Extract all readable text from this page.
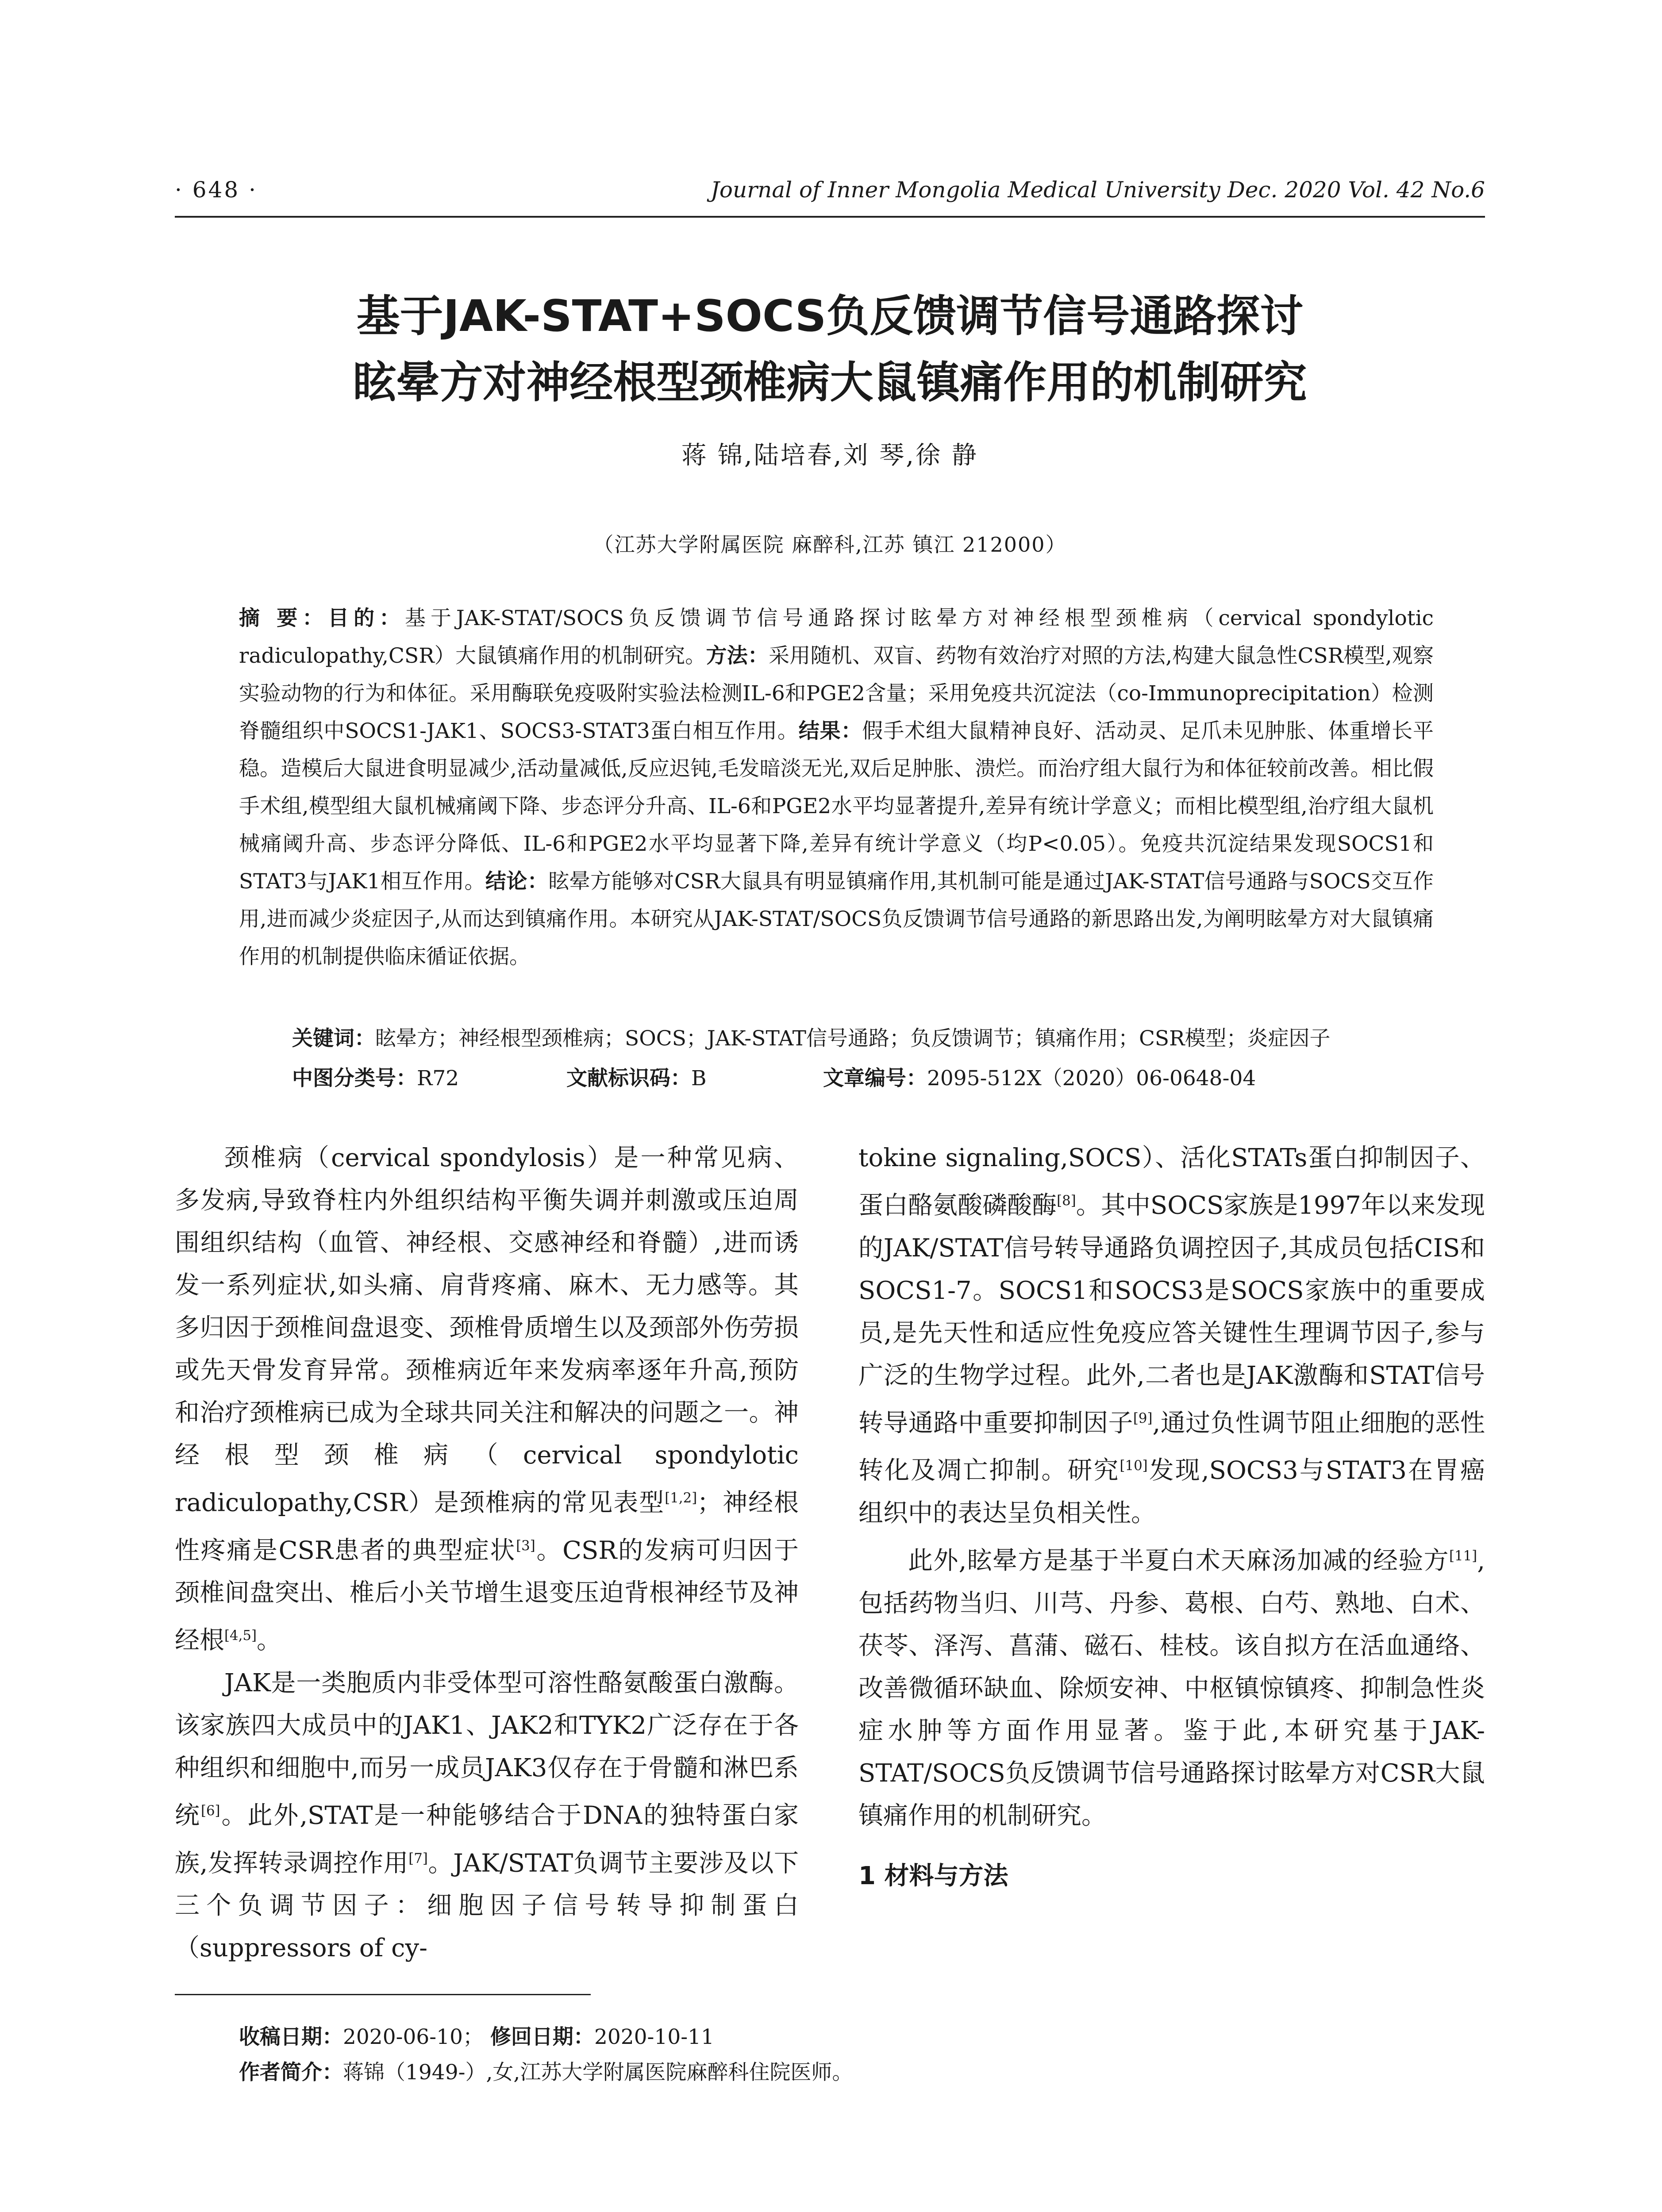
· 648 ·	Journal of Inner Mongolia Medical University Dec. 2020 Vol. 42 No.6
基于JAK-STAT+SOCS负反馈调节信号通路探讨
眩晕方对神经根型颈椎病大鼠镇痛作用的机制研究
蒋 锦,陆培春,刘 琴,徐 静
（江苏大学附属医院 麻醉科,江苏 镇江 212000）
摘 要：目的：基于JAK-STAT/SOCS负反馈调节信号通路探讨眩晕方对神经根型颈椎病（cervical spondylotic radiculopathy,CSR）大鼠镇痛作用的机制研究。方法：采用随机、双盲、药物有效治疗对照的方法,构建大鼠急性CSR模型,观察实验动物的行为和体征。采用酶联免疫吸附实验法检测IL-6和PGE2含量；采用免疫共沉淀法（co-Immunoprecipitation）检测脊髓组织中SOCS1-JAK1、SOCS3-STAT3蛋白相互作用。结果：假手术组大鼠精神良好、活动灵、足爪未见肿胀、体重增长平稳。造模后大鼠进食明显减少,活动量减低,反应迟钝,毛发暗淡无光,双后足肿胀、溃烂。而治疗组大鼠行为和体征较前改善。相比假手术组,模型组大鼠机械痛阈下降、步态评分升高、IL-6和PGE2水平均显著提升,差异有统计学意义；而相比模型组,治疗组大鼠机械痛阈升高、步态评分降低、IL-6和PGE2水平均显著下降,差异有统计学意义（均P<0.05）。免疫共沉淀结果发现SOCS1和STAT3与JAK1相互作用。结论：眩晕方能够对CSR大鼠具有明显镇痛作用,其机制可能是通过JAK-STAT信号通路与SOCS交互作用,进而减少炎症因子,从而达到镇痛作用。本研究从JAK-STAT/SOCS负反馈调节信号通路的新思路出发,为阐明眩晕方对大鼠镇痛作用的机制提供临床循证依据。
关键词：眩晕方；神经根型颈椎病；SOCS；JAK-STAT信号通路；负反馈调节；镇痛作用；CSR模型；炎症因子
中图分类号：R72	文献标识码：B	文章编号：2095-512X（2020）06-0648-04

颈椎病（cervical spondylosis）是一种常见病、多发病,导致脊柱内外组织结构平衡失调并刺激或压迫周围组织结构（血管、神经根、交感神经和脊髓）,进而诱发一系列症状,如头痛、肩背疼痛、麻木、无力感等。其多归因于颈椎间盘退变、颈椎骨质增生以及颈部外伤劳损或先天骨发育异常。颈椎病近年来发病率逐年升高,预防和治疗颈椎病已成为全球共同关注和解决的问题之一。神经根型颈椎病（cervical spondylotic radiculopathy,CSR）是颈椎病的常见表型[1,2]；神经根性疼痛是CSR患者的典型症状[3]。CSR的发病可归因于颈椎间盘突出、椎后小关节增生退变压迫背根神经节及神经根[4,5]。

JAK是一类胞质内非受体型可溶性酪氨酸蛋白激酶。该家族四大成员中的JAK1、JAK2和TYK2广泛存在于各种组织和细胞中,而另一成员JAK3仅存在于骨髓和淋巴系统[6]。此外,STAT是一种能够结合于DNA的独特蛋白家族,发挥转录调控作用[7]。JAK/STAT负调节主要涉及以下三个负调节因子：细胞因子信号转导抑制蛋白（suppressors of cy-

tokine signaling,SOCS）、活化STATs蛋白抑制因子、蛋白酪氨酸磷酸酶[8]。其中SOCS家族是1997年以来发现的JAK/STAT信号转导通路负调控因子,其成员包括CIS和SOCS1-7。SOCS1和SOCS3是SOCS家族中的重要成员,是先天性和适应性免疫应答关键性生理调节因子,参与广泛的生物学过程。此外,二者也是JAK激酶和STAT信号转导通路中重要抑制因子[9],通过负性调节阻止细胞的恶性转化及凋亡抑制。研究[10]发现,SOCS3与STAT3在胃癌组织中的表达呈负相关性。

此外,眩晕方是基于半夏白术天麻汤加减的经验方[11],包括药物当归、川芎、丹参、葛根、白芍、熟地、白术、茯苓、泽泻、菖蒲、磁石、桂枝。该自拟方在活血通络、改善微循环缺血、除烦安神、中枢镇惊镇疼、抑制急性炎症水肿等方面作用显著。鉴于此,本研究基于JAK-STAT/SOCS负反馈调节信号通路探讨眩晕方对CSR大鼠镇痛作用的机制研究。

1 材料与方法

收稿日期：2020-06-10； 修回日期：2020-10-11
作者简介：蒋锦（1949-）,女,江苏大学附属医院麻醉科住院医师。
